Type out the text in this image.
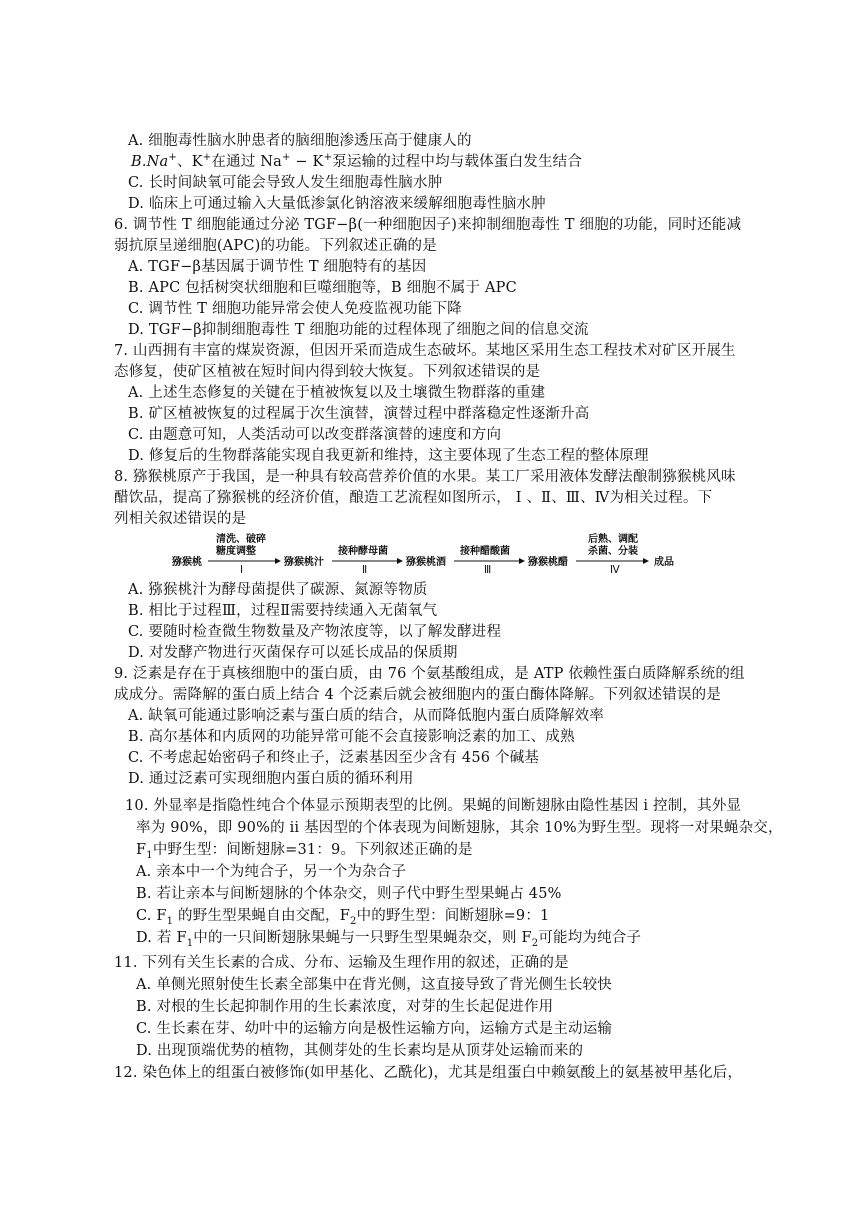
A. 细胞毒性脑水肿患者的脑细胞渗透压高于健康人的
B.Na+、K+在通过 Na+ − K+泵运输的过程中均与载体蛋白发生结合
C. 长时间缺氧可能会导致人发生细胞毒性脑水肿
D. 临床上可通过输入大量低渗氯化钠溶液来缓解细胞毒性脑水肿
6. 调节性 T 细胞能通过分泌 TGF−β(一种细胞因子)来抑制细胞毒性 T 细胞的功能，同时还能减
弱抗原呈递细胞(APC)的功能。下列叙述正确的是
A. TGF−β基因属于调节性 T 细胞特有的基因
B. APC 包括树突状细胞和巨噬细胞等，B 细胞不属于 APC
C. 调节性 T 细胞功能异常会使人免疫监视功能下降
D. TGF−β抑制细胞毒性 T 细胞功能的过程体现了细胞之间的信息交流
7. 山西拥有丰富的煤炭资源，但因开采而造成生态破坏。某地区采用生态工程技术对矿区开展生
态修复，使矿区植被在短时间内得到较大恢复。下列叙述错误的是
A. 上述生态修复的关键在于植被恢复以及土壤微生物群落的重建
B. 矿区植被恢复的过程属于次生演替，演替过程中群落稳定性逐渐升高
C. 由题意可知，人类活动可以改变群落演替的速度和方向
D. 修复后的生物群落能实现自我更新和维持，这主要体现了生态工程的整体原理
8. 猕猴桃原产于我国，是一种具有较高营养价值的水果。某工厂采用液体发酵法酿制猕猴桃风味
醋饮品，提高了猕猴桃的经济价值，酿造工艺流程如图所示， Ⅰ 、Ⅱ、Ⅲ、Ⅳ为相关过程。下
列相关叙述错误的是
猕猴桃
清洗、破碎
糖度调整
Ⅰ
猕猴桃汁
接种酵母菌
Ⅱ
猕猴桃酒
接种醋酸菌
Ⅲ
猕猴桃醋
后熟、调配
杀菌、分装
Ⅳ
成品
A. 猕猴桃汁为酵母菌提供了碳源、氮源等物质
B. 相比于过程Ⅲ，过程Ⅱ需要持续通入无菌氧气
C. 要随时检查微生物数量及产物浓度等，以了解发酵进程
D. 对发酵产物进行灭菌保存可以延长成品的保质期
9. 泛素是存在于真核细胞中的蛋白质，由 76 个氨基酸组成，是 ATP 依赖性蛋白质降解系统的组
成成分。需降解的蛋白质上结合 4 个泛素后就会被细胞内的蛋白酶体降解。下列叙述错误的是
A. 缺氧可能通过影响泛素与蛋白质的结合，从而降低胞内蛋白质降解效率
B. 高尔基体和内质网的功能异常可能不会直接影响泛素的加工、成熟
C. 不考虑起始密码子和终止子，泛素基因至少含有 456 个碱基
D. 通过泛素可实现细胞内蛋白质的循环利用
10. 外显率是指隐性纯合个体显示预期表型的比例。果蝇的间断翅脉由隐性基因 i 控制，其外显
率为 90%，即 90%的 ii 基因型的个体表现为间断翅脉，其余 10%为野生型。现将一对果蝇杂交，
$F_1$中野生型：间断翅脉=31：9。下列叙述正确的是
A. 亲本中一个为纯合子，另一个为杂合子
B. 若让亲本与间断翅脉的个体杂交，则子代中野生型果蝇占 45%
C. $F_1$ 的野生型果蝇自由交配，$F_2$中的野生型：间断翅脉=9：1
D. 若 $F_1$中的一只间断翅脉果蝇与一只野生型果蝇杂交，则 $F_2$可能均为纯合子
11. 下列有关生长素的合成、分布、运输及生理作用的叙述，正确的是
A. 单侧光照射使生长素全部集中在背光侧，这直接导致了背光侧生长较快
B. 对根的生长起抑制作用的生长素浓度，对芽的生长起促进作用
C. 生长素在芽、幼叶中的运输方向是极性运输方向，运输方式是主动运输
D. 出现顶端优势的植物，其侧芽处的生长素均是从顶芽处运输而来的
12. 染色体上的组蛋白被修饰(如甲基化、乙酰化)，尤其是组蛋白中赖氨酸上的氨基被甲基化后，
